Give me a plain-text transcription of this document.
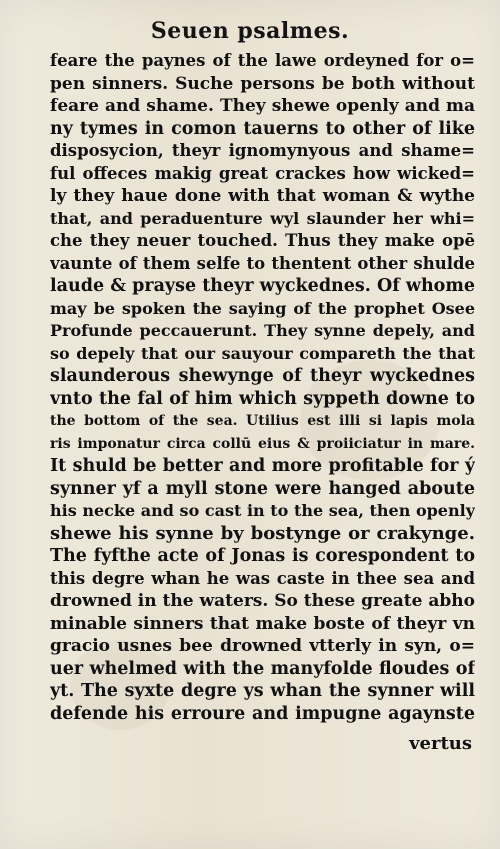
Seuen psalmes.
feare the paynes of the lawe ordeyned for o=
pen sinners. Suche persons be both without
feare and shame. They shewe openly and ma
ny tymes in comon tauerns to other of like
disposycion, theyr ignomynyous and shame=
ful offeces makig great crackes how wicked=
ly they haue done with that woman & wythe
that, and peraduenture wyl slaunder her whi=
che they neuer touched. Thus they make opē
vaunte of them selfe to thentent other shulde
laude & prayse theyr wyckednes. Of whome
may be spoken the saying of the prophet Osee
Profunde peccauerunt. They synne depely, and
so depely that our sauyour compareth the that
slaunderous shewynge of theyr wyckednes
vnto the fal of him which syppeth downe to
the bottom of the sea. Utilius est illi si lapis mola
ris imponatur circa collū eius & proiiciatur in mare.
It shuld be better and more profitable for ý
synner yf a myll stone were hanged aboute
his necke and so cast in to the sea, then openly
shewe his synne by bostynge or crakynge.
The fyfthe acte of Jonas is corespondent to
this degre whan he was caste in thee sea and
drowned in the waters. So these greate abho
minable sinners that make boste of theyr vn
gracio usnes bee drowned vtterly in syn, o=
uer whelmed with the manyfolde floudes of
yt. The syxte degre ys whan the synner will
defende his erroure and impugne agaynste
vertus
